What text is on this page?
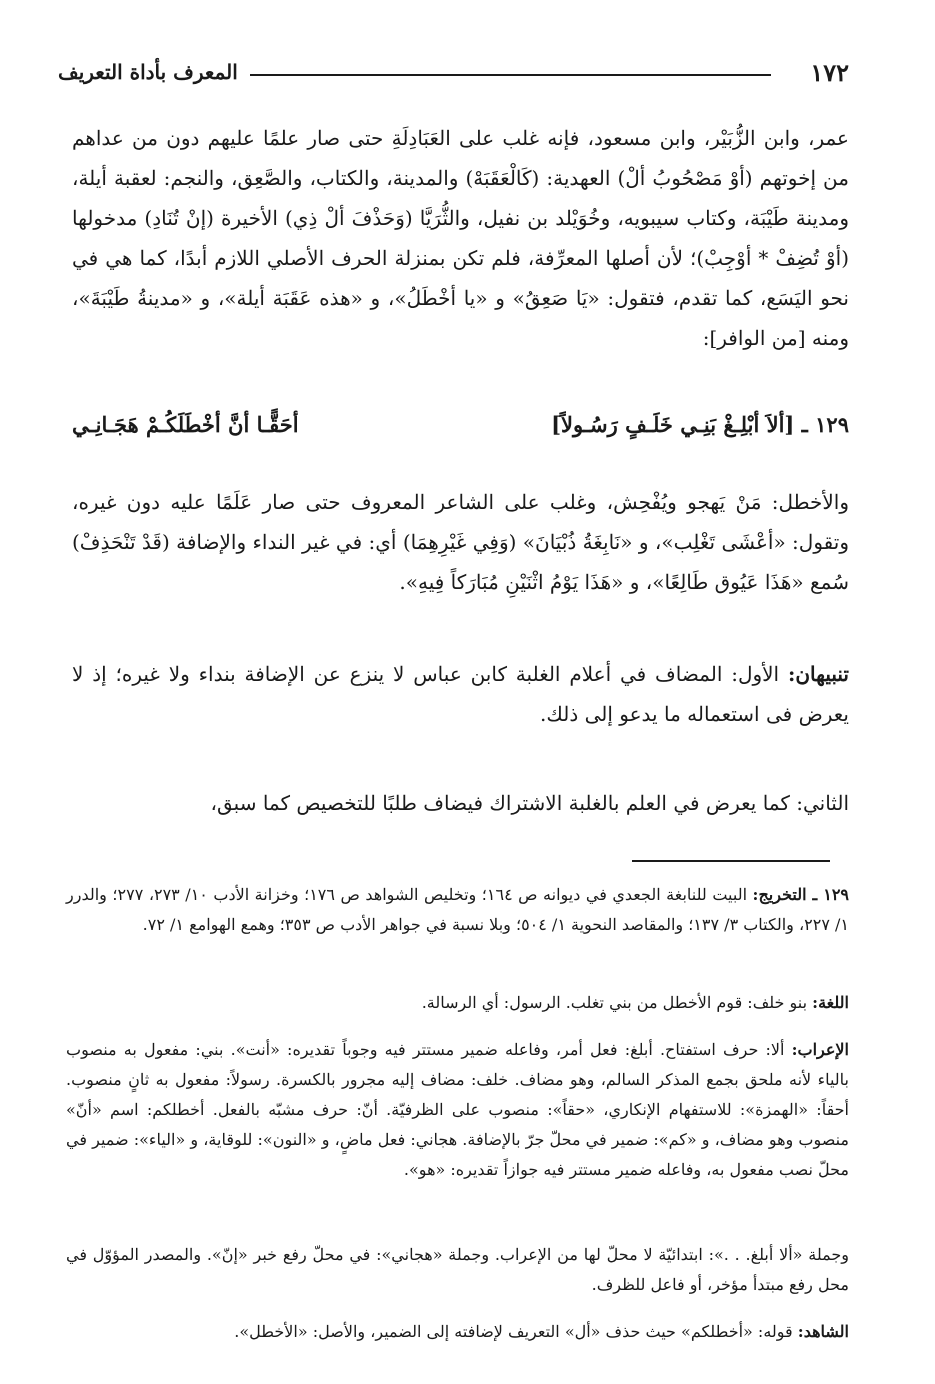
١٧٢
المعرف بأداة التعريف
عمر، وابن الزُّبَيْر، وابن مسعود، فإنه غلب على العَبَادِلَةِ حتى صار علمًا عليهم دون من عداهم من إخوتهم (أوْ مَصْحُوبُ ألْ) العهدية: (كَالْعَقَبَهْ) والمدينة، والكتاب، والصَّعِق، والنجم: لعقبة أيلة، ومدينة طَيْبَة، وكتاب سيبويه، وخُوَيْلد بن نفيل، والثُّرَيَّا (وَحَذْفَ ألْ ذِي) الأخيرة (إنْ تُنَادِ) مدخولها (أوْ تُضِفْ * أوْجِبْ)؛ لأن أصلها المعرِّفة، فلم تكن بمنزلة الحرف الأصلي اللازم أبدًا، كما هي في نحو اليَسَع، كما تقدم، فتقول: «يَا صَعِقُ» و «يا أخْطَلُ»، و «هذه عَقَبَة أيلة»، و «مدينةُ طَيْبَةَ»، ومنه [من الوافر]:
١٢٩ ـ [ألاَ أبْلِـغْ بَنِـي خَلَـفٍ رَسُـولاً]
أحَقًّـا أنَّ أخْطَلَكُـمْ هَجَـانِـي
والأخطل: مَنْ يَهجو ويُفْحِش، وغلب على الشاعر المعروف حتى صار عَلَمًا عليه دون غيره، وتقول: «أعْشَى تَغْلِب»، و «نَابِغَةُ ذُبْيَانَ» (وَفِي غَيْرِهِمَا) أي: في غير النداء والإضافة (قَدْ تَنْحَذِفْ) سُمع «هَذَا عَيُوق طَالِعًا»، و «هَذَا يَوْمُ اثْنَيْنِ مُبَارَكاً فِيهِ».
تنبيهان: الأول: المضاف في أعلام الغلبة كابن عباس لا ينزع عن الإضافة بنداء ولا غيره؛ إذ لا يعرض فى استعماله ما يدعو إلى ذلك.
الثاني: كما يعرض في العلم بالغلبة الاشتراك فيضاف طلبًا للتخصيص كما سبق،
١٢٩ ـ التخريج: البيت للنابغة الجعدي في ديوانه ص ١٦٤؛ وتخليص الشواهد ص ١٧٦؛ وخزانة الأدب ١٠/ ٢٧٣، ٢٧٧؛ والدرر ١/ ٢٢٧، والكتاب ٣/ ١٣٧؛ والمقاصد النحوية ١/ ٥٠٤؛ وبلا نسبة في جواهر الأدب ص ٣٥٣؛ وهمع الهوامع ١/ ٧٢.
اللغة: بنو خلف: قوم الأخطل من بني تغلب. الرسول: أي الرسالة.
الإعراب: ألا: حرف استفتاح. أبلغ: فعل أمر، وفاعله ضمير مستتر فيه وجوباً تقديره: «أنت». بني: مفعول به منصوب بالياء لأنه ملحق بجمع المذكر السالم، وهو مضاف. خلف: مضاف إليه مجرور بالكسرة. رسولاً: مفعول به ثانٍ منصوب. أحقاً: «الهمزة»: للاستفهام الإنكاري، «حقاً»: منصوب على الظرفيّة. أنّ: حرف مشبّه بالفعل. أخطلكم: اسم «أنّ» منصوب وهو مضاف، و «كم»: ضمير في محلّ جرّ بالإضافة. هجاني: فعل ماضٍ، و «النون»: للوقاية، و «الياء»: ضمير في محلّ نصب مفعول به، وفاعله ضمير مستتر فيه جوازاً تقديره: «هو».
وجملة «ألا أبلغ. . .»: ابتدائيّة لا محلّ لها من الإعراب. وجملة «هجاني»: في محلّ رفع خبر «إنّ». والمصدر المؤوّل في محل رفع مبتدأ مؤخر، أو فاعل للظرف.
الشاهد: قوله: «أخطلكم» حيث حذف «أل» التعريف لإضافته إلى الضمير، والأصل: «الأخطل».
